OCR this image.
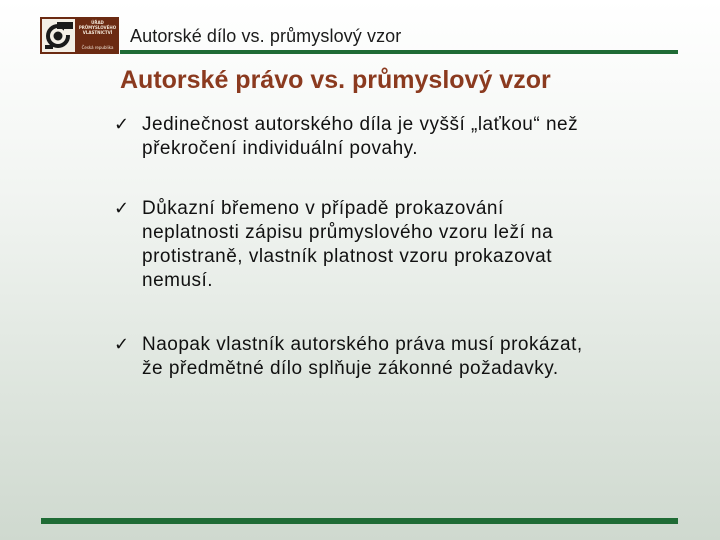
ÚŘAD
PRŮMYSLOVÉHO
VLASTNICTVÍ
Česká republika
Autorské dílo vs. průmyslový vzor
Autorské právo vs. průmyslový vzor
✓ Jedinečnost autorského díla je vyšší „laťkou“ než
překročení individuální povahy.
✓ Důkazní břemeno v případě prokazování
neplatnosti zápisu průmyslového vzoru leží na
protistraně, vlastník platnost vzoru prokazovat
nemusí.
✓ Naopak vlastník autorského práva musí prokázat,
že předmětné dílo splňuje zákonné požadavky.
